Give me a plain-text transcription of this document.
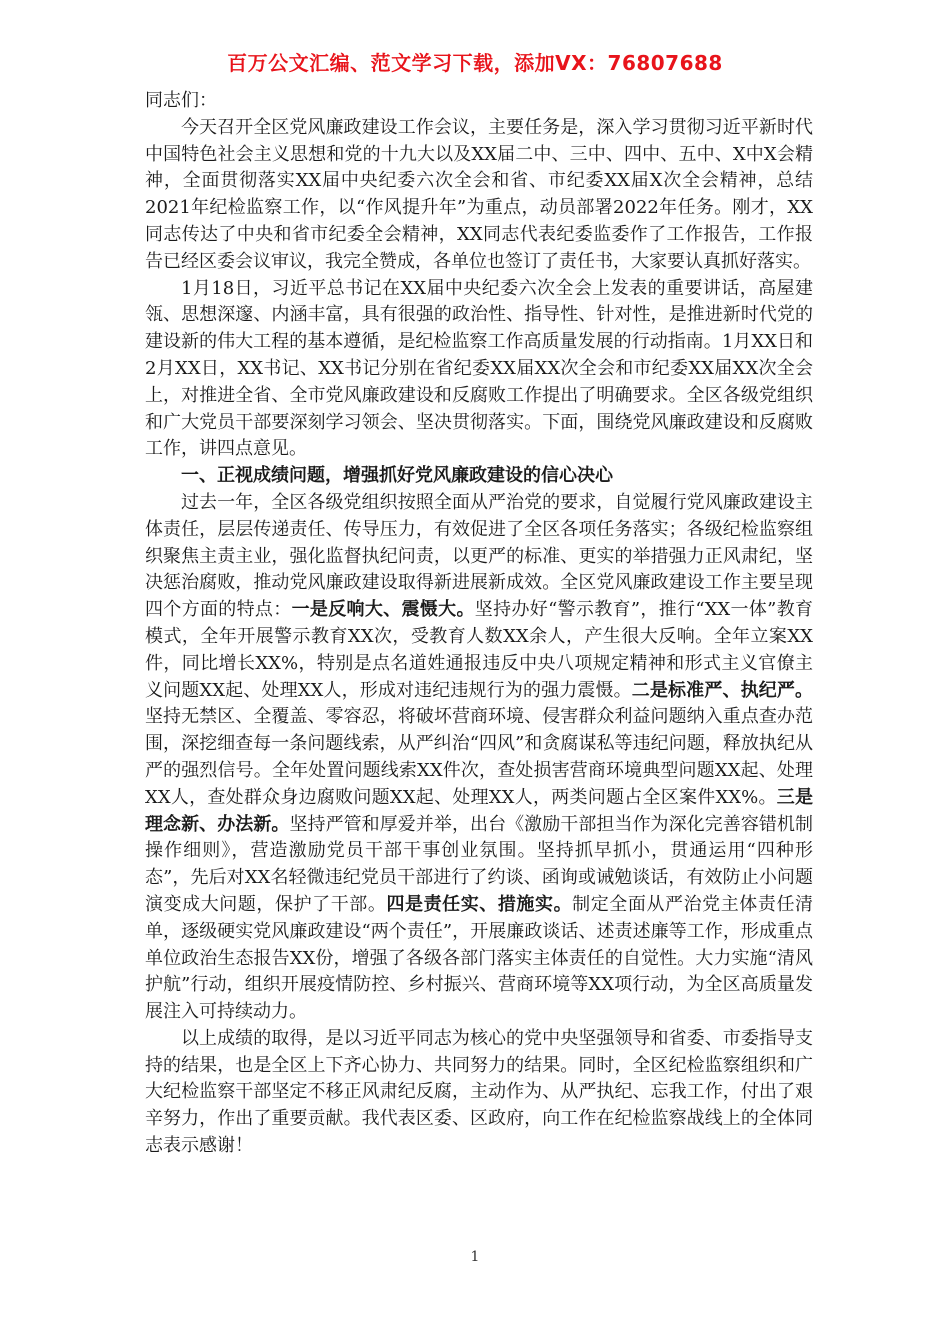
百万公文汇编、范文学习下载，添加VX：76807688

同志们：

今天召开全区党风廉政建设工作会议，主要任务是，深入学习贯彻习近平新时代中国特色社会主义思想和党的十九大以及XX届二中、三中、四中、五中、X中X会精神，全面贯彻落实XX届中央纪委六次全会和省、市纪委XX届X次全会精神，总结2021年纪检监察工作，以“作风提升年”为重点，动员部署2022年任务。刚才，XX同志传达了中央和省市纪委全会精神，XX同志代表纪委监委作了工作报告，工作报告已经区委会议审议，我完全赞成，各单位也签订了责任书，大家要认真抓好落实。

1月18日，习近平总书记在XX届中央纪委六次全会上发表的重要讲话，高屋建瓴、思想深邃、内涵丰富，具有很强的政治性、指导性、针对性，是推进新时代党的建设新的伟大工程的基本遵循，是纪检监察工作高质量发展的行动指南。1月XX日和2月XX日，XX书记、XX书记分别在省纪委XX届XX次全会和市纪委XX届XX次全会上，对推进全省、全市党风廉政建设和反腐败工作提出了明确要求。全区各级党组织和广大党员干部要深刻学习领会、坚决贯彻落实。下面，围绕党风廉政建设和反腐败工作，讲四点意见。

一、正视成绩问题，增强抓好党风廉政建设的信心决心

过去一年，全区各级党组织按照全面从严治党的要求，自觉履行党风廉政建设主体责任，层层传递责任、传导压力，有效促进了全区各项任务落实；各级纪检监察组织聚焦主责主业，强化监督执纪问责，以更严的标准、更实的举措强力正风肃纪，坚决惩治腐败，推动党风廉政建设取得新进展新成效。全区党风廉政建设工作主要呈现四个方面的特点：一是反响大、震慑大。坚持办好“警示教育”，推行“XX一体”教育模式，全年开展警示教育XX次，受教育人数XX余人，产生很大反响。全年立案XX件，同比增长XX%，特别是点名道姓通报违反中央八项规定精神和形式主义官僚主义问题XX起、处理XX人，形成对违纪违规行为的强力震慑。二是标准严、执纪严。坚持无禁区、全覆盖、零容忍，将破坏营商环境、侵害群众利益问题纳入重点查办范围，深挖细查每一条问题线索，从严纠治“四风”和贪腐谋私等违纪问题，释放执纪从严的强烈信号。全年处置问题线索XX件次，查处损害营商环境典型问题XX起、处理XX人，查处群众身边腐败问题XX起、处理XX人，两类问题占全区案件XX%。三是理念新、办法新。坚持严管和厚爱并举，出台《激励干部担当作为深化完善容错机制操作细则》，营造激励党员干部干事创业氛围。坚持抓早抓小，贯通运用“四种形态”，先后对XX名轻微违纪党员干部进行了约谈、函询或诫勉谈话，有效防止小问题演变成大问题，保护了干部。四是责任实、措施实。制定全面从严治党主体责任清单，逐级硬实党风廉政建设“两个责任”，开展廉政谈话、述责述廉等工作，形成重点单位政治生态报告XX份，增强了各级各部门落实主体责任的自觉性。大力实施“清风护航”行动，组织开展疫情防控、乡村振兴、营商环境等XX项行动，为全区高质量发展注入可持续动力。

以上成绩的取得，是以习近平同志为核心的党中央坚强领导和省委、市委指导支持的结果，也是全区上下齐心协力、共同努力的结果。同时，全区纪检监察组织和广大纪检监察干部坚定不移正风肃纪反腐，主动作为、从严执纪、忘我工作，付出了艰辛努力，作出了重要贡献。我代表区委、区政府，向工作在纪检监察战线上的全体同志表示感谢！

1
